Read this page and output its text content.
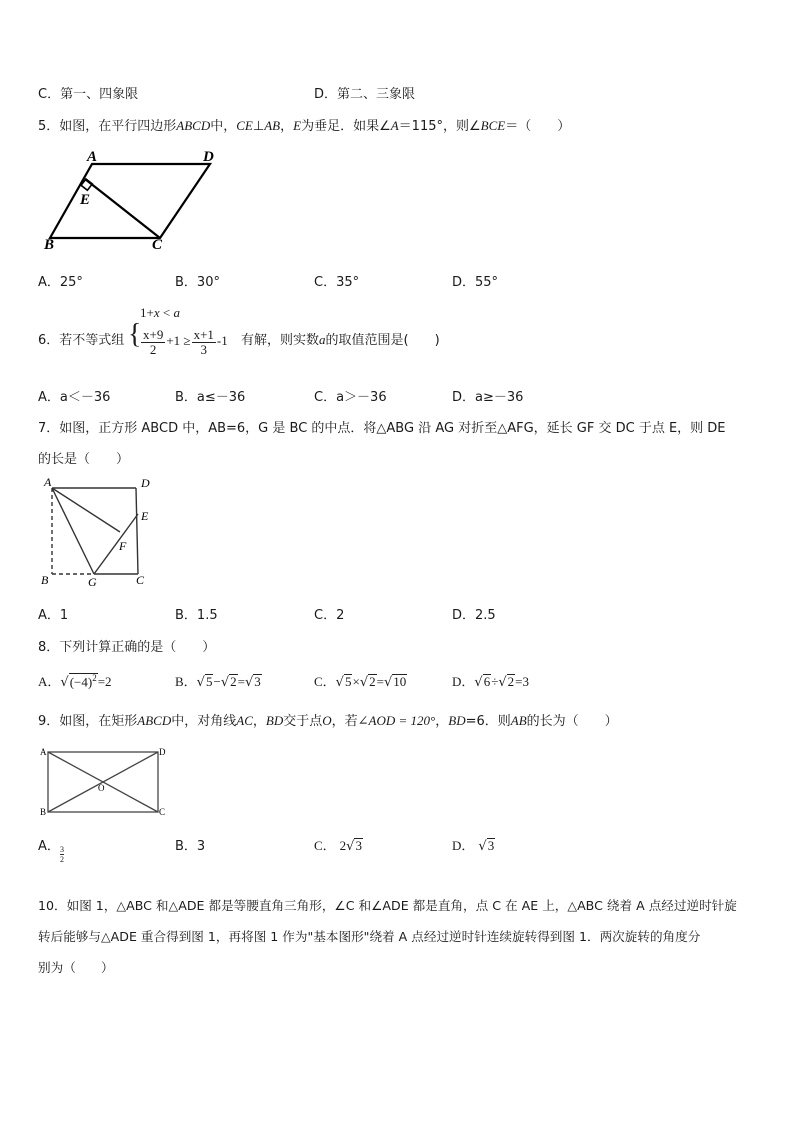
C．第一、四象限	D．第二、三象限
5．如图，在平行四边形ABCD中，CE⊥AB，E为垂足．如果∠A＝115°，则∠BCE＝（　　）
A	D
E
B	C
A．25°	B．30°	C．35°	D．55°
6．若不等式组 {
1+x < a
$\frac{x+9}{2} +1 \ge \frac{x+1}{3} -1$ 有解，则实数a的取值范围是(　　)
A．a＜－36	B．a≤－36	C．a＞－36	D．a≥－36
7．如图，正方形 ABCD 中，AB=6，G 是 BC 的中点．将△ABG 沿 AG 对折至△AFG，延长 GF 交 DC 于点 E，则 DE
的长是（　　）
A	D
E
F
B	G	C
A．1	B．1.5	C．2	D．2.5
8．下列计算正确的是（　　）
A．$√(-4)^2=2$	B．√5−√2=√3	C．√5×√2=√10	D．√6÷√2=3
9．如图，在矩形ABCD中，对角线AC，BD交于点O，若∠AOD = 120°，BD=6．则AB的长为（　　）
A	D
O
B	C
A． 3
2
B．3	C． 2√3	D． √3
10．如图 1，△ABC 和△ADE 都是等腰直角三角形，∠C 和∠ADE 都是直角，点 C 在 AE 上，△ABC 绕着 A 点经过逆时针旋
转后能够与△ADE 重合得到图 1，再将图 1 作为"基本图形"绕着 A 点经过逆时针连续旋转得到图 1．两次旋转的角度分
别为（　　）
